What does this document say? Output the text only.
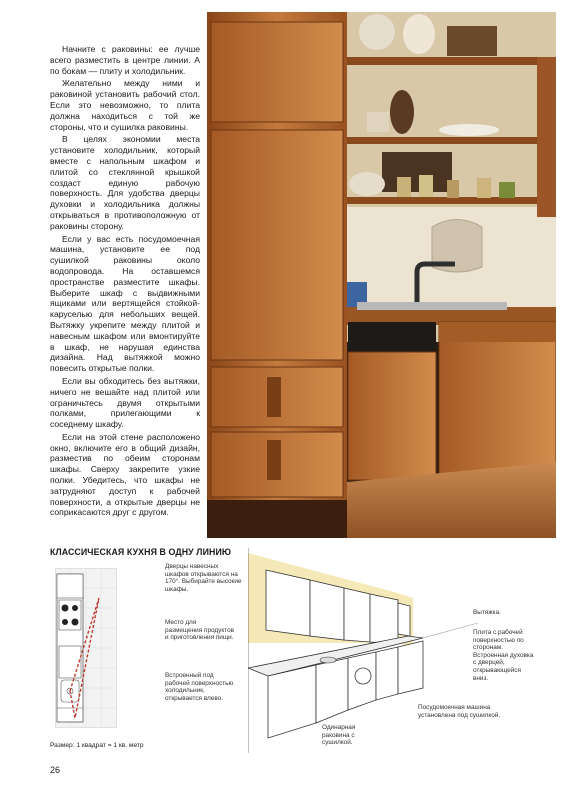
Начните с раковины: ее лучше всего разместить в центре линии. А по бокам — плиту и холодильник.

Желательно между ними и раковиной установить рабочий стол. Если это невозможно, то плита должна находиться с той же стороны, что и сушилка раковины.

В целях экономии места установите холодильник, который вместе с напольным шкафом и плитой со стеклянной крышкой создаст единую рабочую поверхность. Для удобства дверцы духовки и холодильника должны открываться в противоположную от раковины сторону.

Если у вас есть посудомоечная машина, установите ее под сушилкой раковины около водопровода. На оставшемся пространстве разместите шкафы. Выберите шкаф с выдвижными ящиками или вертящейся стойкой-каруселью для небольших вещей. Вытяжку укрепите между плитой и навесным шкафом или вмонтируйте в шкаф, не нарушая единства дизайна. Над вытяжкой можно повесить открытые полки.

Если вы обходитесь без вытяжки, ничего не вешайте над плитой или ограничьтесь двумя открытыми полками, прилегающими к соседнему шкафу.

Если на этой стене расположено окно, включите его в общий дизайн, разместив по обеим сторонам шкафы. Сверху закрепите узкие полки. Убедитесь, что шкафы не затрудняют доступ к рабочей поверхности, а открытые дверцы не соприкасаются друг с другом.

КЛАССИЧЕСКАЯ КУХНЯ В ОДНУ ЛИНИЮ
Дверцы навесных шкафов открываются на 170°. Выбирайте высокие шкафы.
Место для размещения продуктов и приготовления пищи.
Встроенный под рабочей поверхностью холодильник, открывается влево.
Вытяжка.
Плита с рабочей поверхностью по сторонам. Встроенная духовка с дверцей, открывающейся вниз.
Посудомоечная машина установлена под сушилкой.
Одинарная раковина с сушилкой.
Размер: 1 квадрат = 1 кв. метр
26
